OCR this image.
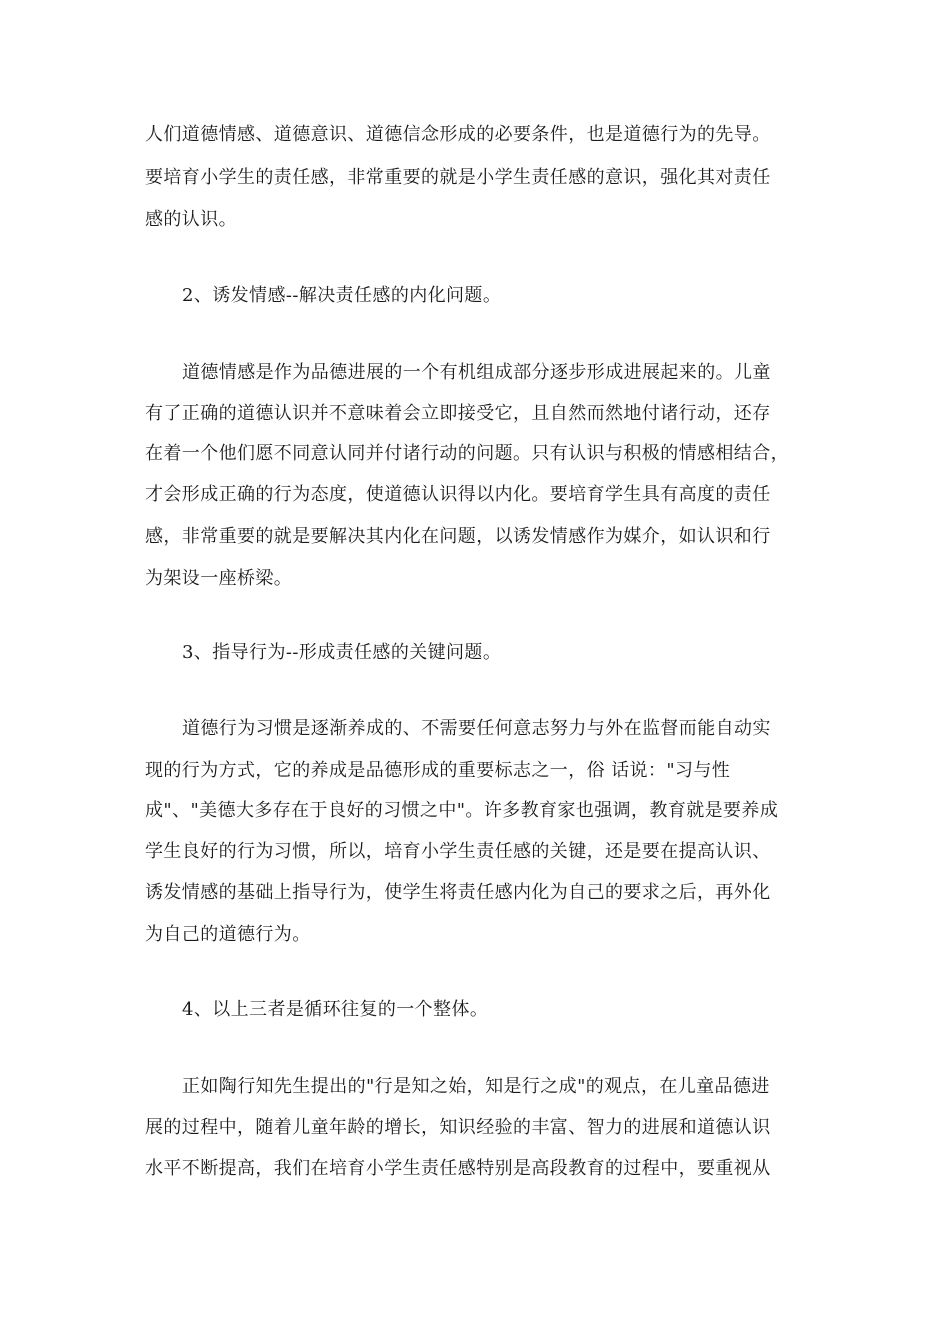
人们道德情感、道德意识、道德信念形成的必要条件，也是道德行为的先导。
要培育小学生的责任感，非常重要的就是小学生责任感的意识，强化其对责任
感的认识。
2、诱发情感--解决责任感的内化问题。
道德情感是作为品德进展的一个有机组成部分逐步形成进展起来的。儿童
有了正确的道德认识并不意味着会立即接受它，且自然而然地付诸行动，还存
在着一个他们愿不同意认同并付诸行动的问题。只有认识与积极的情感相结合，
才会形成正确的行为态度，使道德认识得以内化。要培育学生具有高度的责任
感，非常重要的就是要解决其内化在问题，以诱发情感作为媒介，如认识和行
为架设一座桥梁。
3、指导行为--形成责任感的关键问题。
道德行为习惯是逐渐养成的、不需要任何意志努力与外在监督而能自动实
现的行为方式，它的养成是品德形成的重要标志之一，俗 话说："习与性
成"、"美德大多存在于良好的习惯之中"。许多教育家也强调，教育就是要养成
学生良好的行为习惯，所以，培育小学生责任感的关键，还是要在提高认识、
诱发情感的基础上指导行为，使学生将责任感内化为自己的要求之后，再外化
为自己的道德行为。
4、以上三者是循环往复的一个整体。
正如陶行知先生提出的"行是知之始，知是行之成"的观点，在儿童品德进
展的过程中，随着儿童年龄的增长，知识经验的丰富、智力的进展和道德认识
水平不断提高，我们在培育小学生责任感特别是高段教育的过程中，要重视从
